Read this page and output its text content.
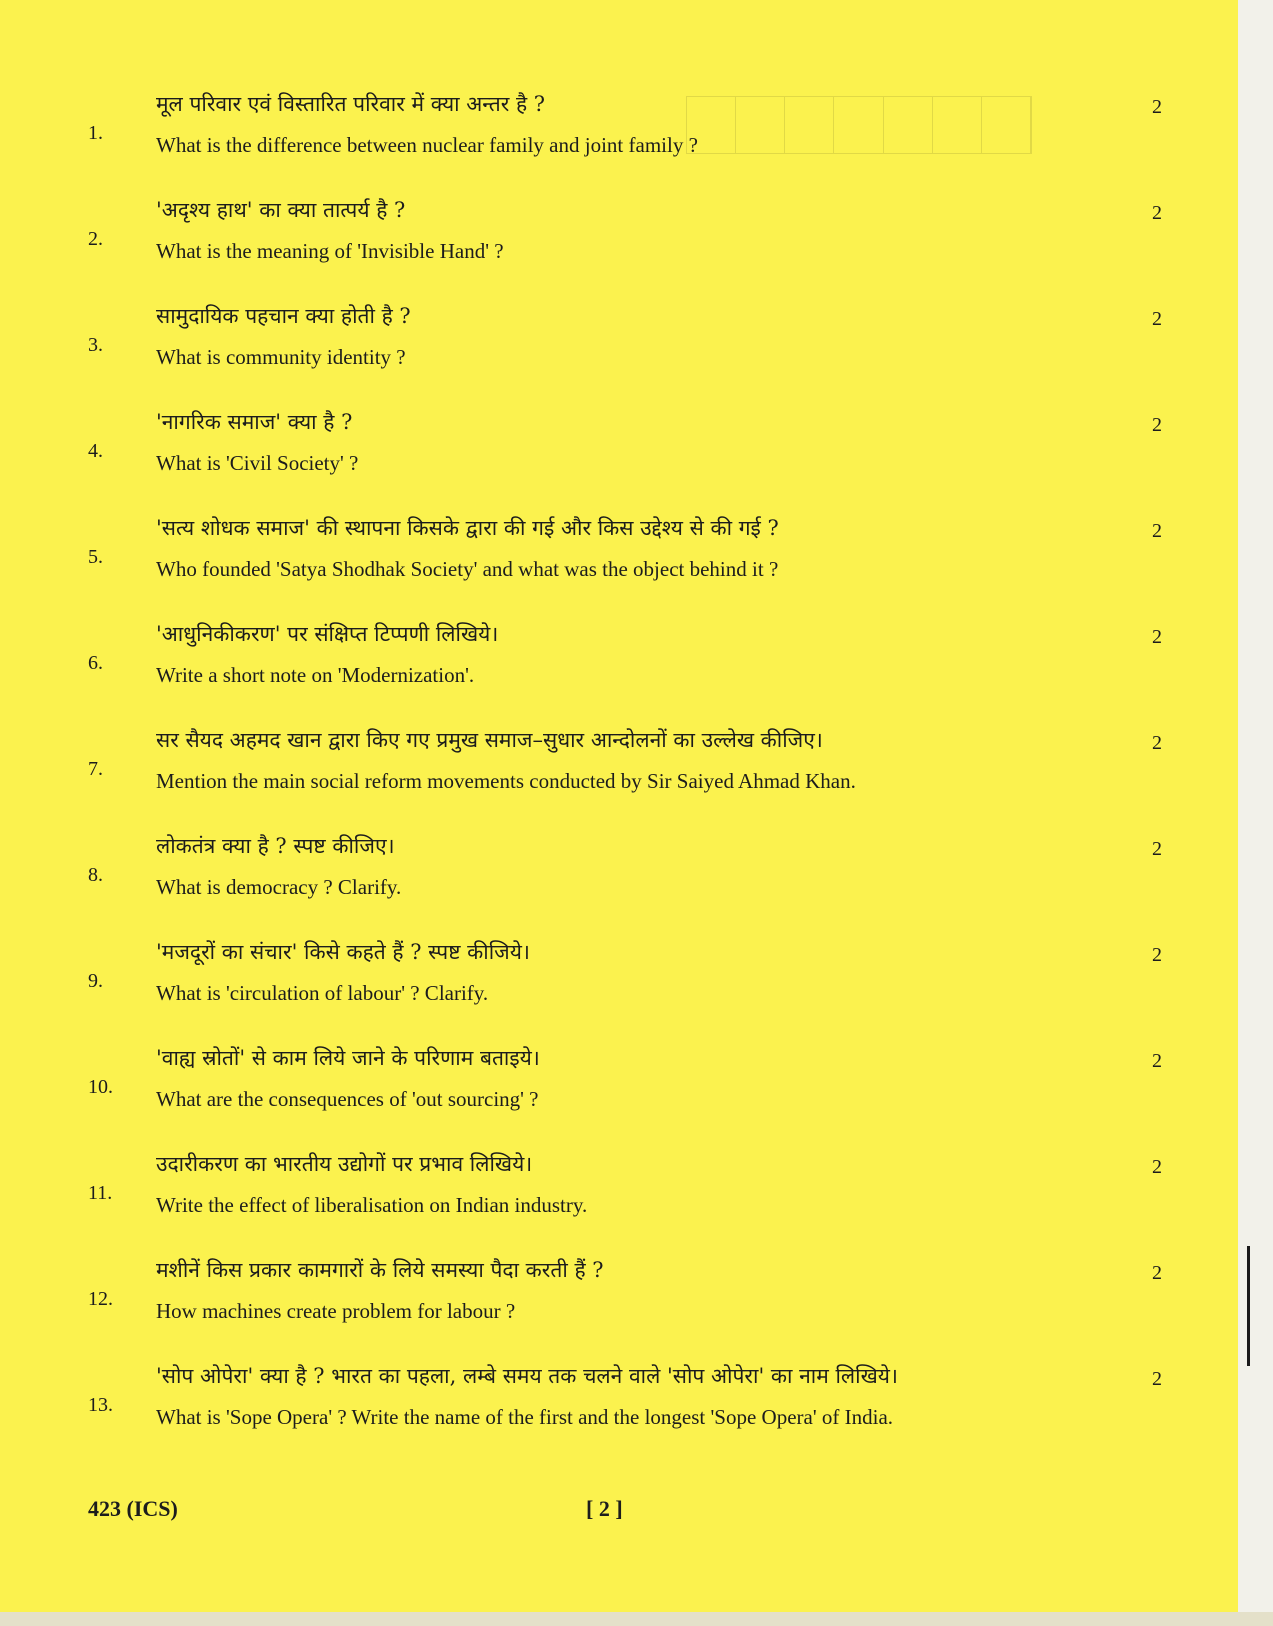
1.
मूल परिवार एवं विस्तारित परिवार में क्या अन्तर है ?
What is the difference between nuclear family and joint family ?
2
2.
'अदृश्य हाथ' का क्या तात्पर्य है ?
What is the meaning of 'Invisible Hand' ?
2
3.
सामुदायिक पहचान क्या होती है ?
What is community identity ?
2
4.
'नागरिक समाज' क्या है ?
What is 'Civil Society' ?
2
5.
'सत्य शोधक समाज' की स्थापना किसके द्वारा की गई और किस उद्देश्य से की गई ?
Who founded 'Satya Shodhak Society' and what was the object behind it ?
2
6.
'आधुनिकीकरण' पर संक्षिप्त टिप्पणी लिखिये।
Write a short note on 'Modernization'.
2
7.
सर सैयद अहमद खान द्वारा किए गए प्रमुख समाज–सुधार आन्दोलनों का उल्लेख कीजिए।
Mention the main social reform movements conducted by Sir Saiyed Ahmad Khan.
2
8.
लोकतंत्र क्या है ? स्पष्ट कीजिए।
What is democracy ? Clarify.
2
9.
'मजदूरों का संचार' किसे कहते हैं ? स्पष्ट कीजिये।
What is 'circulation of labour' ? Clarify.
2
10.
'वाह्य स्रोतों' से काम लिये जाने के परिणाम बताइये।
What are the consequences of 'out sourcing' ?
2
11.
उदारीकरण का भारतीय उद्योगों पर प्रभाव लिखिये।
Write the effect of liberalisation on Indian industry.
2
12.
मशीनें किस प्रकार कामगारों के लिये समस्या पैदा करती हैं ?
How machines create problem for labour ?
2
13.
'सोप ओपेरा' क्या है ? भारत का पहला, लम्बे समय तक चलने वाले 'सोप ओपेरा' का नाम लिखिये।
What is 'Sope Opera' ? Write the name of the first and the longest 'Sope Opera' of India.
2
423 (ICS)	[ 2 ]
